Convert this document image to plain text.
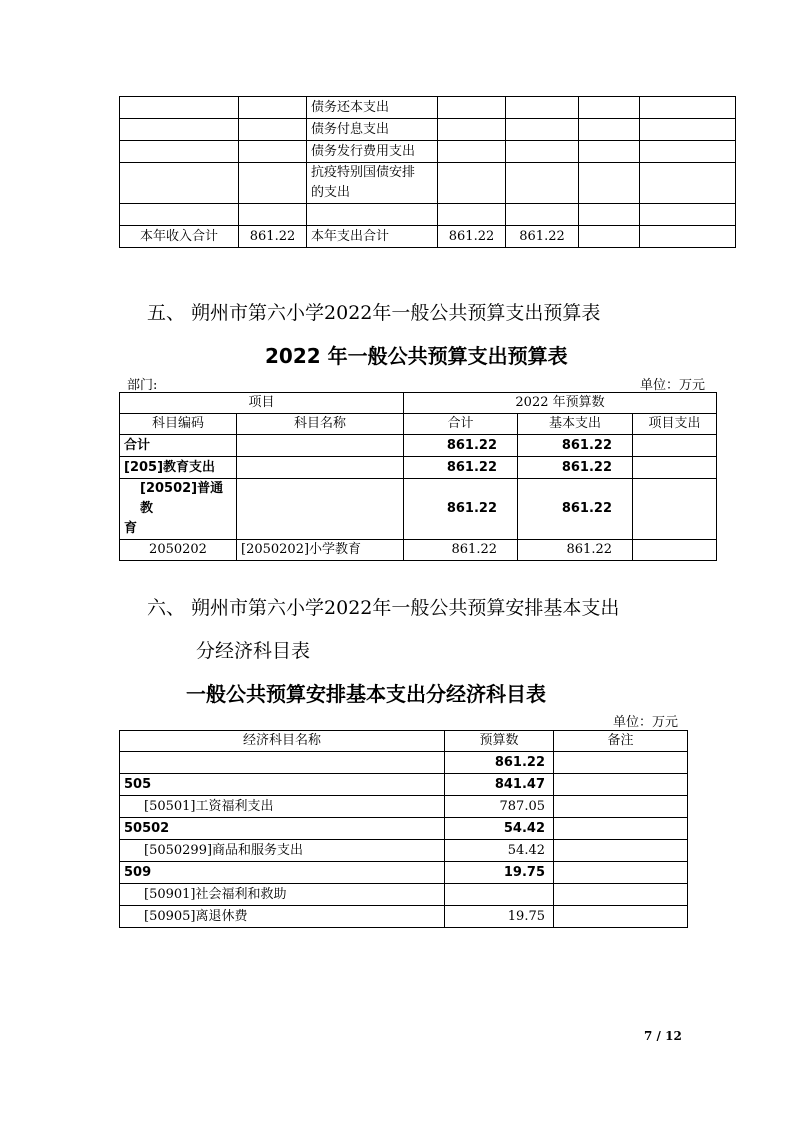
		债务还本支出				
		债务付息支出				
		债务发行费用支出				

		抗疫特别国债安排
的支出				

本年收入合计	861.22	本年支出合计	861.22	861.22		
五、 朔州市第六小学2022年一般公共预算支出预算表
2022 年一般公共预算支出预算表
部门:	单位：万元
项目		2022 年预算数		
科目编码	科目名称	合计	基本支出	项目支出
合计		861.22	861.22	
[205]教育支出		861.22	861.22	

[20502]普通教
育		861.22	861.22	
2050202	[2050202]小学教育	861.22	861.22	
六、 朔州市第六小学2022年一般公共预算安排基本支出
分经济科目表
一般公共预算安排基本支出分经济科目表
单位：万元
经济科目名称	预算数	备注
	861.22	
505	841.47	
[50501]工资福利支出	787.05	
50502	54.42	
[5050299]商品和服务支出	54.42	
509	19.75	
[50901]社会福利和救助		
[50905]离退休费	19.75	
7 / 12
